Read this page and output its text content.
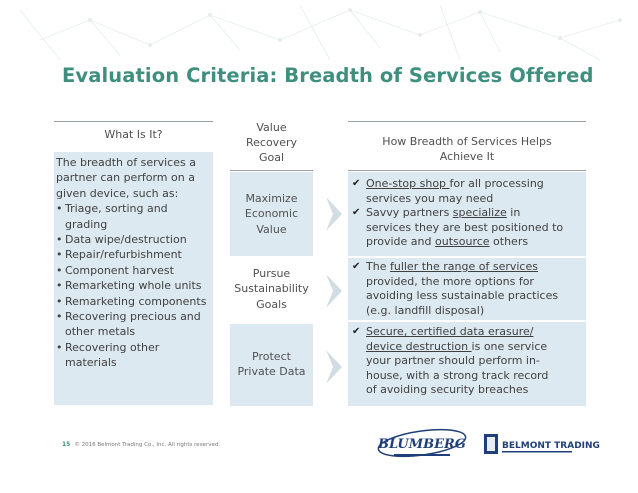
Evaluation Criteria: Breadth of Services Offered
What Is It?
Value
Recovery
Goal
How Breadth of Services Helps
Achieve It

The breadth of services a partner can perform on a given device, such as:

• Triage, sorting and grading
• Data wipe/destruction
• Repair/refurbishment
• Component harvest
• Remarketing whole units
• Remarketing components
• Recovering precious and other metals
• Recovering other materials
Maximize
Economic
Value
Pursue
Sustainability
Goals
Protect
Private Data
✔ One-stop shop for all processing
services you may need
✔ Savvy partners specialize in
services they are best positioned to
provide and outsource others
✔ The fuller the range of services
provided, the more options for
avoiding less sustainable practices
(e.g. landfill disposal)
✔ Secure, certified data erasure/
device destruction is one service
your partner should perform in-
house, with a strong track record
of avoiding security breaches
15 © 2016 Belmont Trading Co., Inc. All rights reserved.	BLUMBERG	BELMONT TRADING
